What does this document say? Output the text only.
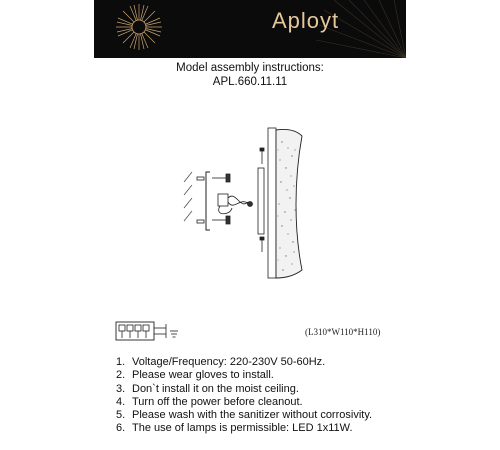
Aployt
Model assembly instructions:
APL.660.11.11
(L310*W110*H110)
1. Voltage/Frequency: 220-230V 50-60Hz.
2. Please wear gloves to install.
3. Don`t install it on the moist ceiling.
4. Turn off the power before cleanout.
5. Please wash with the sanitizer without corrosivity.
6. The use of lamps is permissible: LED 1x11W.
